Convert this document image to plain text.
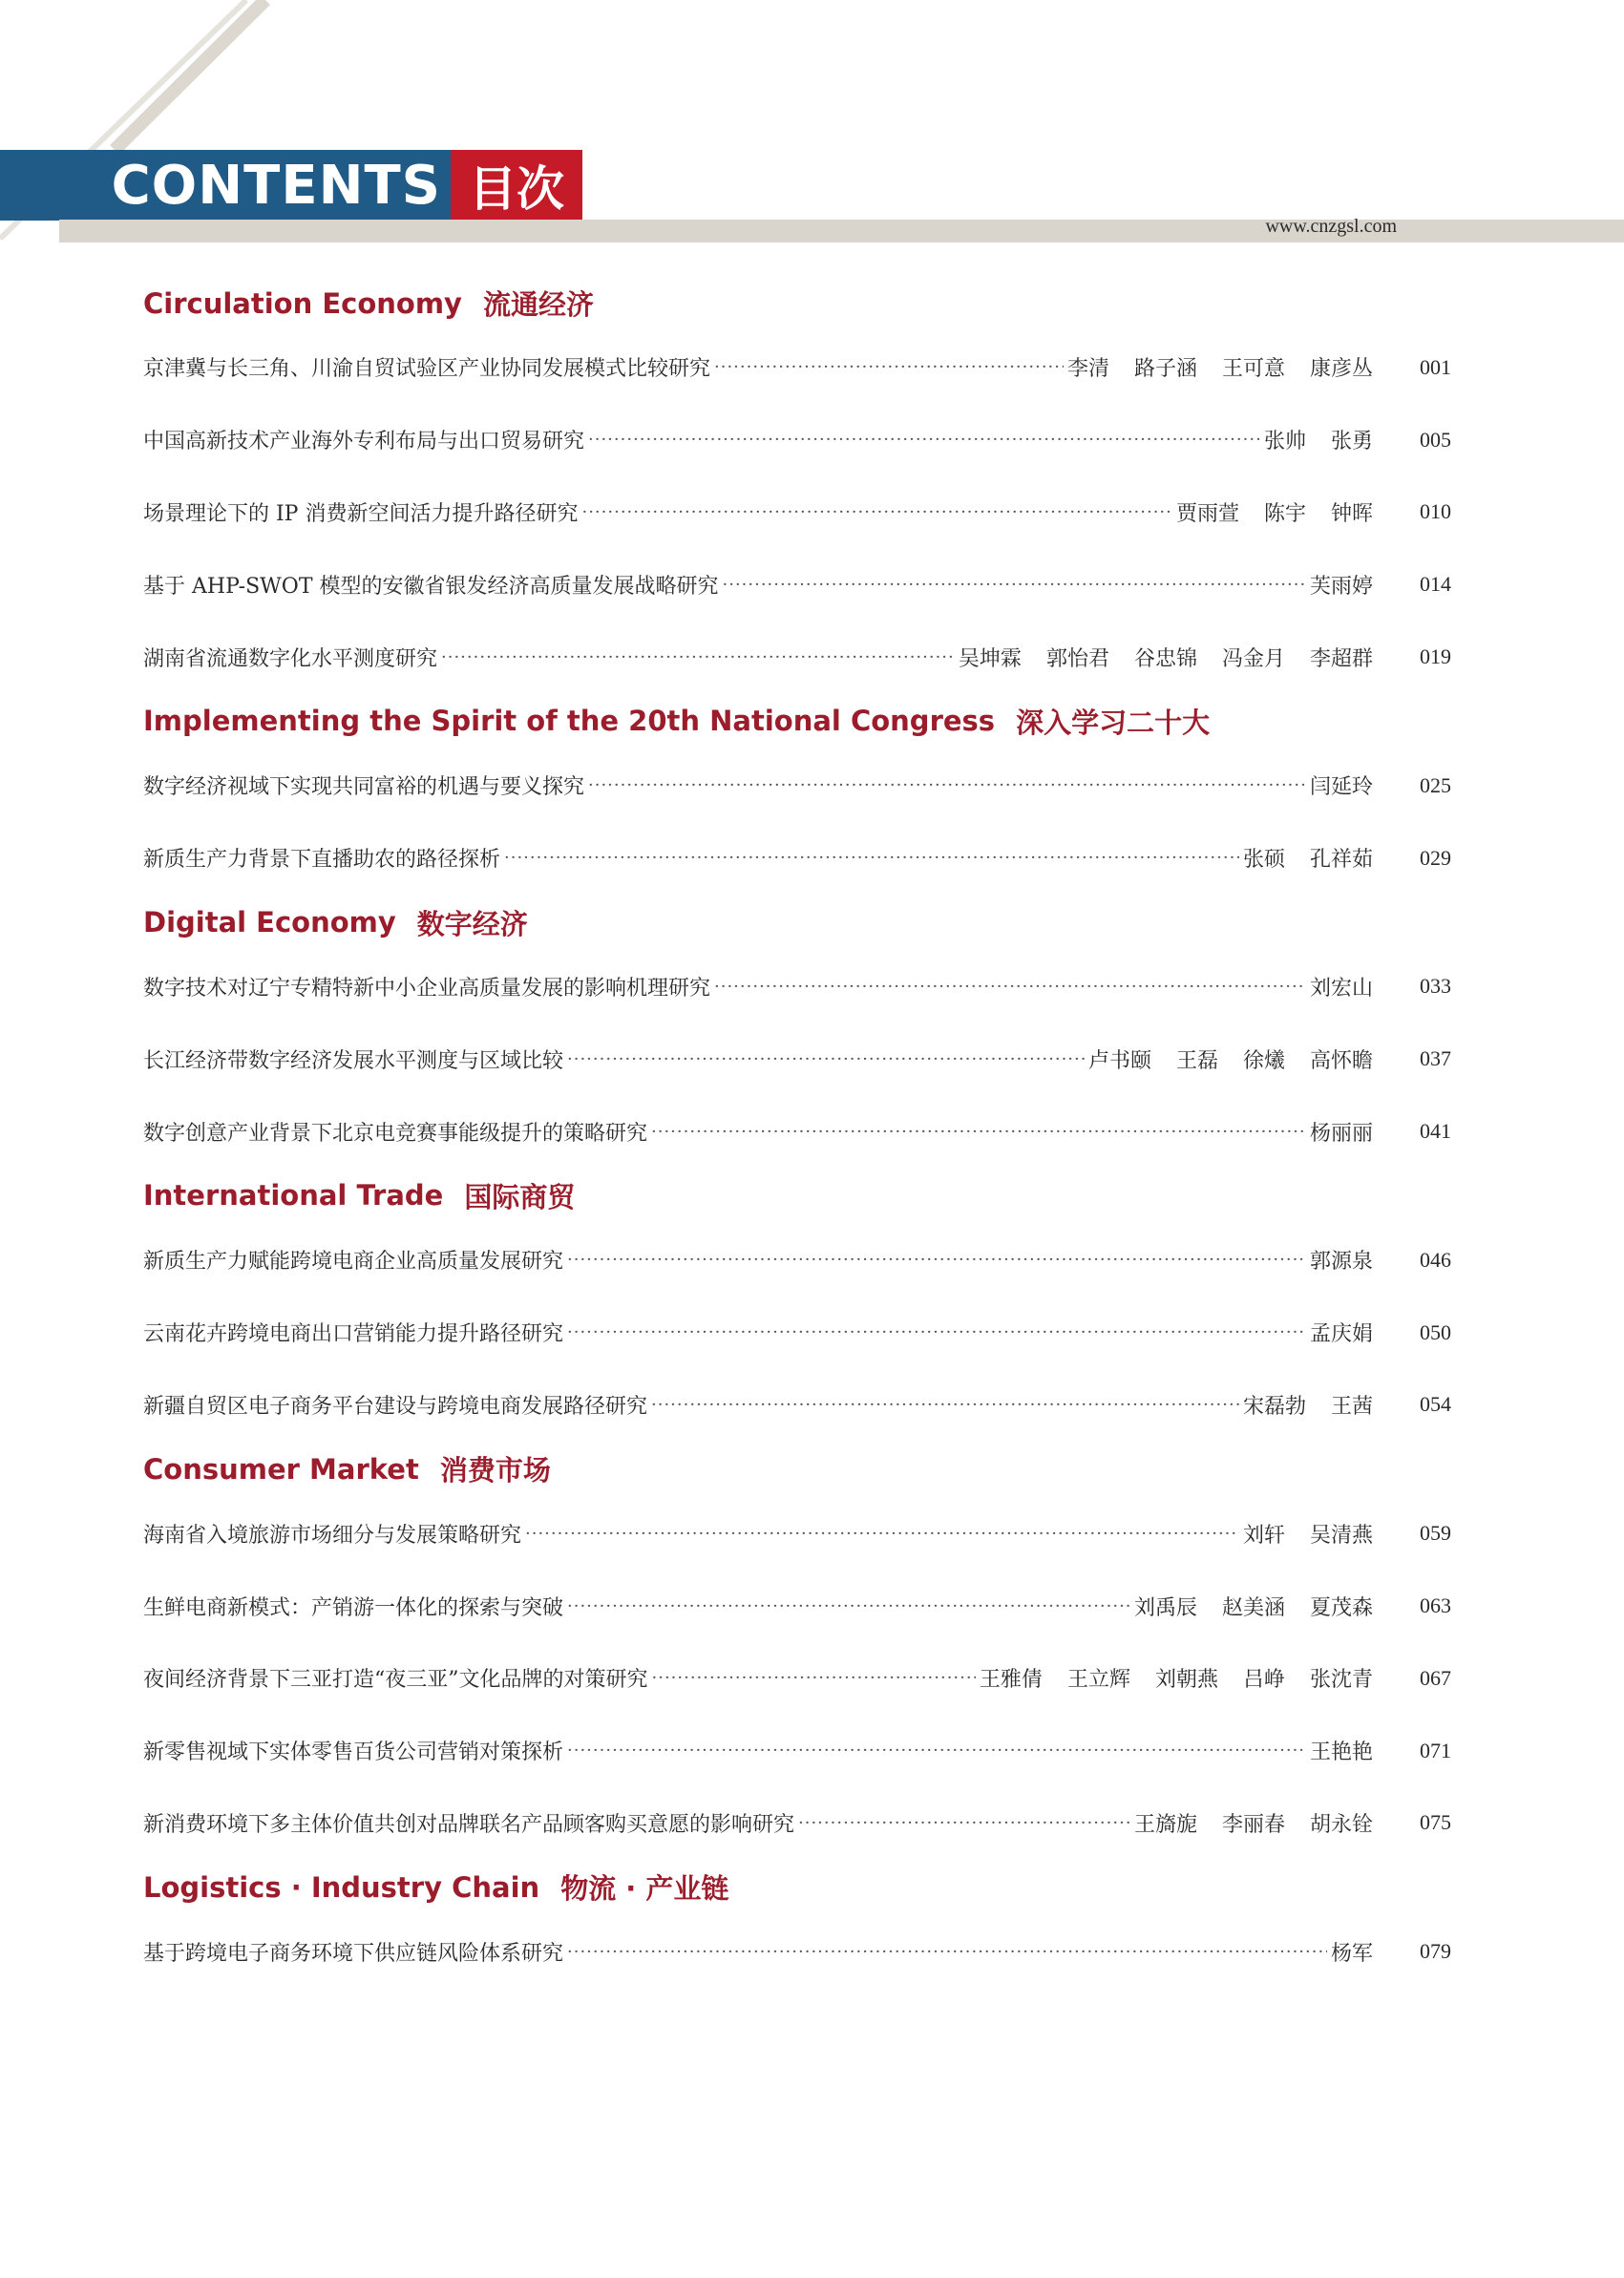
CONTENTS 目次
www.cnzgsl.com
Circulation Economy 流通经济
京津冀与长三角、川渝自贸试验区产业协同发展模式比较研究 ·····	李清 路子涵 王可意 康彦丛	001
中国高新技术产业海外专利布局与出口贸易研究 ·····	张帅 张勇	005
场景理论下的 IP 消费新空间活力提升路径研究 ·····	贾雨萱 陈宇 钟晖	010
基于 AHP-SWOT 模型的安徽省银发经济高质量发展战略研究 ·····	芙雨婷	014
湖南省流通数字化水平测度研究 ·····	吴坤霖 郭怡君 谷忠锦 冯金月 李超群	019
Implementing the Spirit of the 20th National Congress 深入学习二十大
数字经济视域下实现共同富裕的机遇与要义探究 ·····	闫延玲	025
新质生产力背景下直播助农的路径探析 ·····	张硕 孔祥茹	029
Digital Economy 数字经济
数字技术对辽宁专精特新中小企业高质量发展的影响机理研究 ·····	刘宏山	033
长江经济带数字经济发展水平测度与区域比较 ·····	卢书颐 王磊 徐爔 高怀瞻	037
数字创意产业背景下北京电竞赛事能级提升的策略研究 ·····	杨丽丽	041
International Trade 国际商贸
新质生产力赋能跨境电商企业高质量发展研究 ·····	郭源泉	046
云南花卉跨境电商出口营销能力提升路径研究 ·····	孟庆娟	050
新疆自贸区电子商务平台建设与跨境电商发展路径研究 ·····	宋磊勃 王茜	054
Consumer Market 消费市场
海南省入境旅游市场细分与发展策略研究 ·····	刘轩 吴清燕	059
生鲜电商新模式：产销游一体化的探索与突破 ·····	刘禹辰 赵美涵 夏茂森	063
夜间经济背景下三亚打造“夜三亚”文化品牌的对策研究 ·····	王雅倩 王立辉 刘朝燕 吕峥 张沈青	067
新零售视域下实体零售百货公司营销对策探析 ·····	王艳艳	071
新消费环境下多主体价值共创对品牌联名产品顾客购买意愿的影响研究 ·····	王旖旎 李丽春 胡永铨	075
Logistics · Industry Chain 物流 · 产业链
基于跨境电子商务环境下供应链风险体系研究 ·····	杨军	079
